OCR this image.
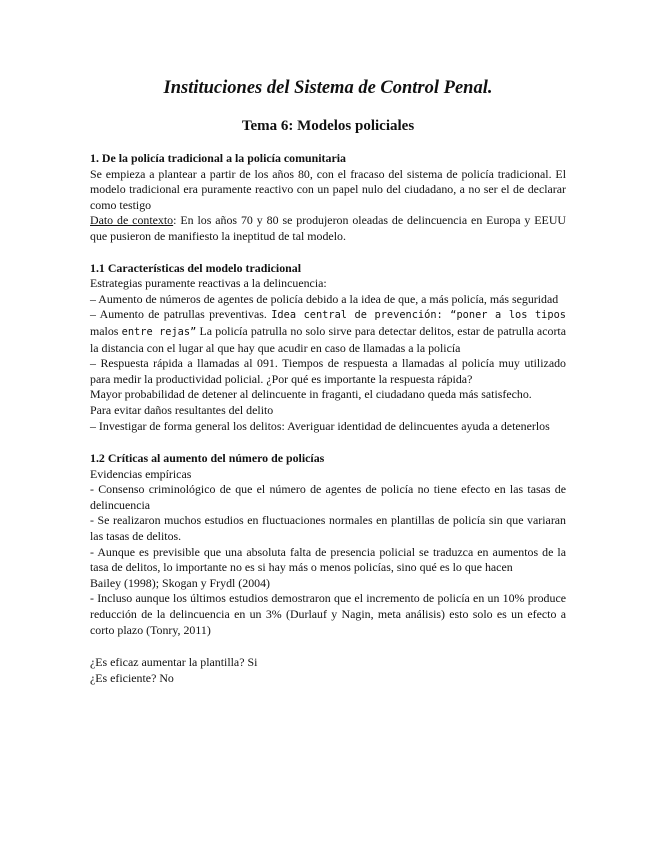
Instituciones del Sistema de Control Penal.
Tema 6: Modelos policiales

1. De la policía tradicional a la policía comunitaria

Se empieza a plantear a partir de los años 80, con el fracaso del sistema de policía tradicional. El modelo tradicional era puramente reactivo con un papel nulo del ciudadano, a no ser el de declarar como testigo

Dato de contexto: En los años 70 y 80 se produjeron oleadas de delincuencia en Europa y EEUU que pusieron de manifiesto la ineptitud de tal modelo.

1.1 Características del modelo tradicional

Estrategias puramente reactivas a la delincuencia:

– Aumento de números de agentes de policía debido a la idea de que, a más policía, más seguridad

– Aumento de patrullas preventivas. Idea central de prevención: “poner a los tipos malos entre rejas” La policía patrulla no solo sirve para detectar delitos, estar de patrulla acorta la distancia con el lugar al que hay que acudir en caso de llamadas a la policía

– Respuesta rápida a llamadas al 091. Tiempos de respuesta a llamadas al policía muy utilizado para medir la productividad policial. ¿Por qué es importante la respuesta rápida?

Mayor probabilidad de detener al delincuente in fraganti, el ciudadano queda más satisfecho.

Para evitar daños resultantes del delito

– Investigar de forma general los delitos: Averiguar identidad de delincuentes ayuda a detenerlos

1.2 Críticas al aumento del número de policías

Evidencias empíricas

- Consenso criminológico de que el número de agentes de policía no tiene efecto en las tasas de delincuencia

- Se realizaron muchos estudios en fluctuaciones normales en plantillas de policía sin que variaran las tasas de delitos.

- Aunque es previsible que una absoluta falta de presencia policial se traduzca en aumentos de la tasa de delitos, lo importante no es si hay más o menos policías, sino qué es lo que hacen

Bailey (1998); Skogan y Frydl (2004)

- Incluso aunque los últimos estudios demostraron que el incremento de policía en un 10% produce reducción de la delincuencia en un 3% (Durlauf y Nagin, meta análisis) esto solo es un efecto a corto plazo (Tonry, 2011)

¿Es eficaz aumentar la plantilla? Si

¿Es eficiente? No
